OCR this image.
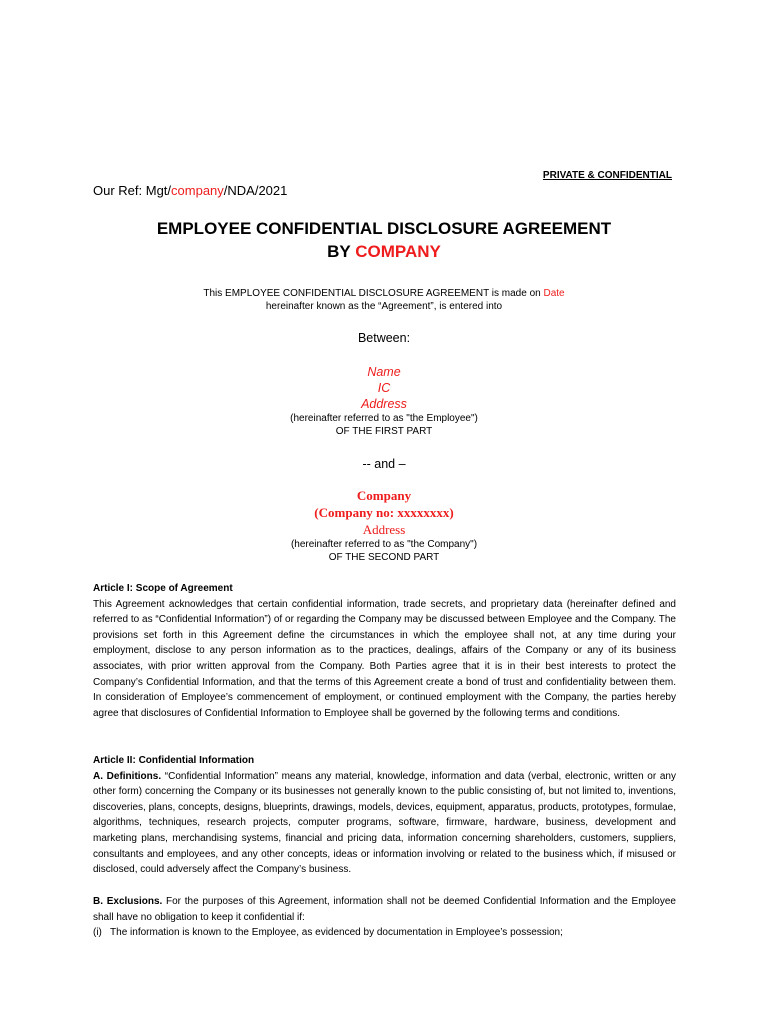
PRIVATE & CONFIDENTIAL
Our Ref: Mgt/company/NDA/2021
EMPLOYEE CONFIDENTIAL DISCLOSURE AGREEMENT
BY COMPANY
This EMPLOYEE CONFIDENTIAL DISCLOSURE AGREEMENT is made on Date
hereinafter known as the “Agreement”, is entered into
Between:
Name
IC
Address
(hereinafter referred to as "the Employee")
OF THE FIRST PART
-- and –
Company
(Company no: xxxxxxxx)
Address
(hereinafter referred to as "the Company")
OF THE SECOND PART

Article I: Scope of Agreement

This Agreement acknowledges that certain confidential information, trade secrets, and proprietary data (hereinafter defined and referred to as “Confidential Information”) of or regarding the Company may be discussed between Employee and the Company. The provisions set forth in this Agreement define the circumstances in which the employee shall not, at any time during your employment, disclose to any person information as to the practices, dealings, affairs of the Company or any of its business associates, with prior written approval from the Company. Both Parties agree that it is in their best interests to protect the Company’s Confidential Information, and that the terms of this Agreement create a bond of trust and confidentiality between them. In consideration of Employee’s commencement of employment, or continued employment with the Company, the parties hereby agree that disclosures of Confidential Information to Employee shall be governed by the following terms and conditions.

Article II: Confidential Information

A. Definitions. “Confidential Information” means any material, knowledge, information and data (verbal, electronic, written or any other form) concerning the Company or its businesses not generally known to the public consisting of, but not limited to, inventions, discoveries, plans, concepts, designs, blueprints, drawings, models, devices, equipment, apparatus, products, prototypes, formulae, algorithms, techniques, research projects, computer programs, software, firmware, hardware, business, development and marketing plans, merchandising systems, financial and pricing data, information concerning shareholders, customers, suppliers, consultants and employees, and any other concepts, ideas or information involving or related to the business which, if misused or disclosed, could adversely affect the Company’s business.

B. Exclusions. For the purposes of this Agreement, information shall not be deemed Confidential Information and the Employee shall have no obligation to keep it confidential if:

(i)   The information is known to the Employee, as evidenced by documentation in Employee’s possession;
